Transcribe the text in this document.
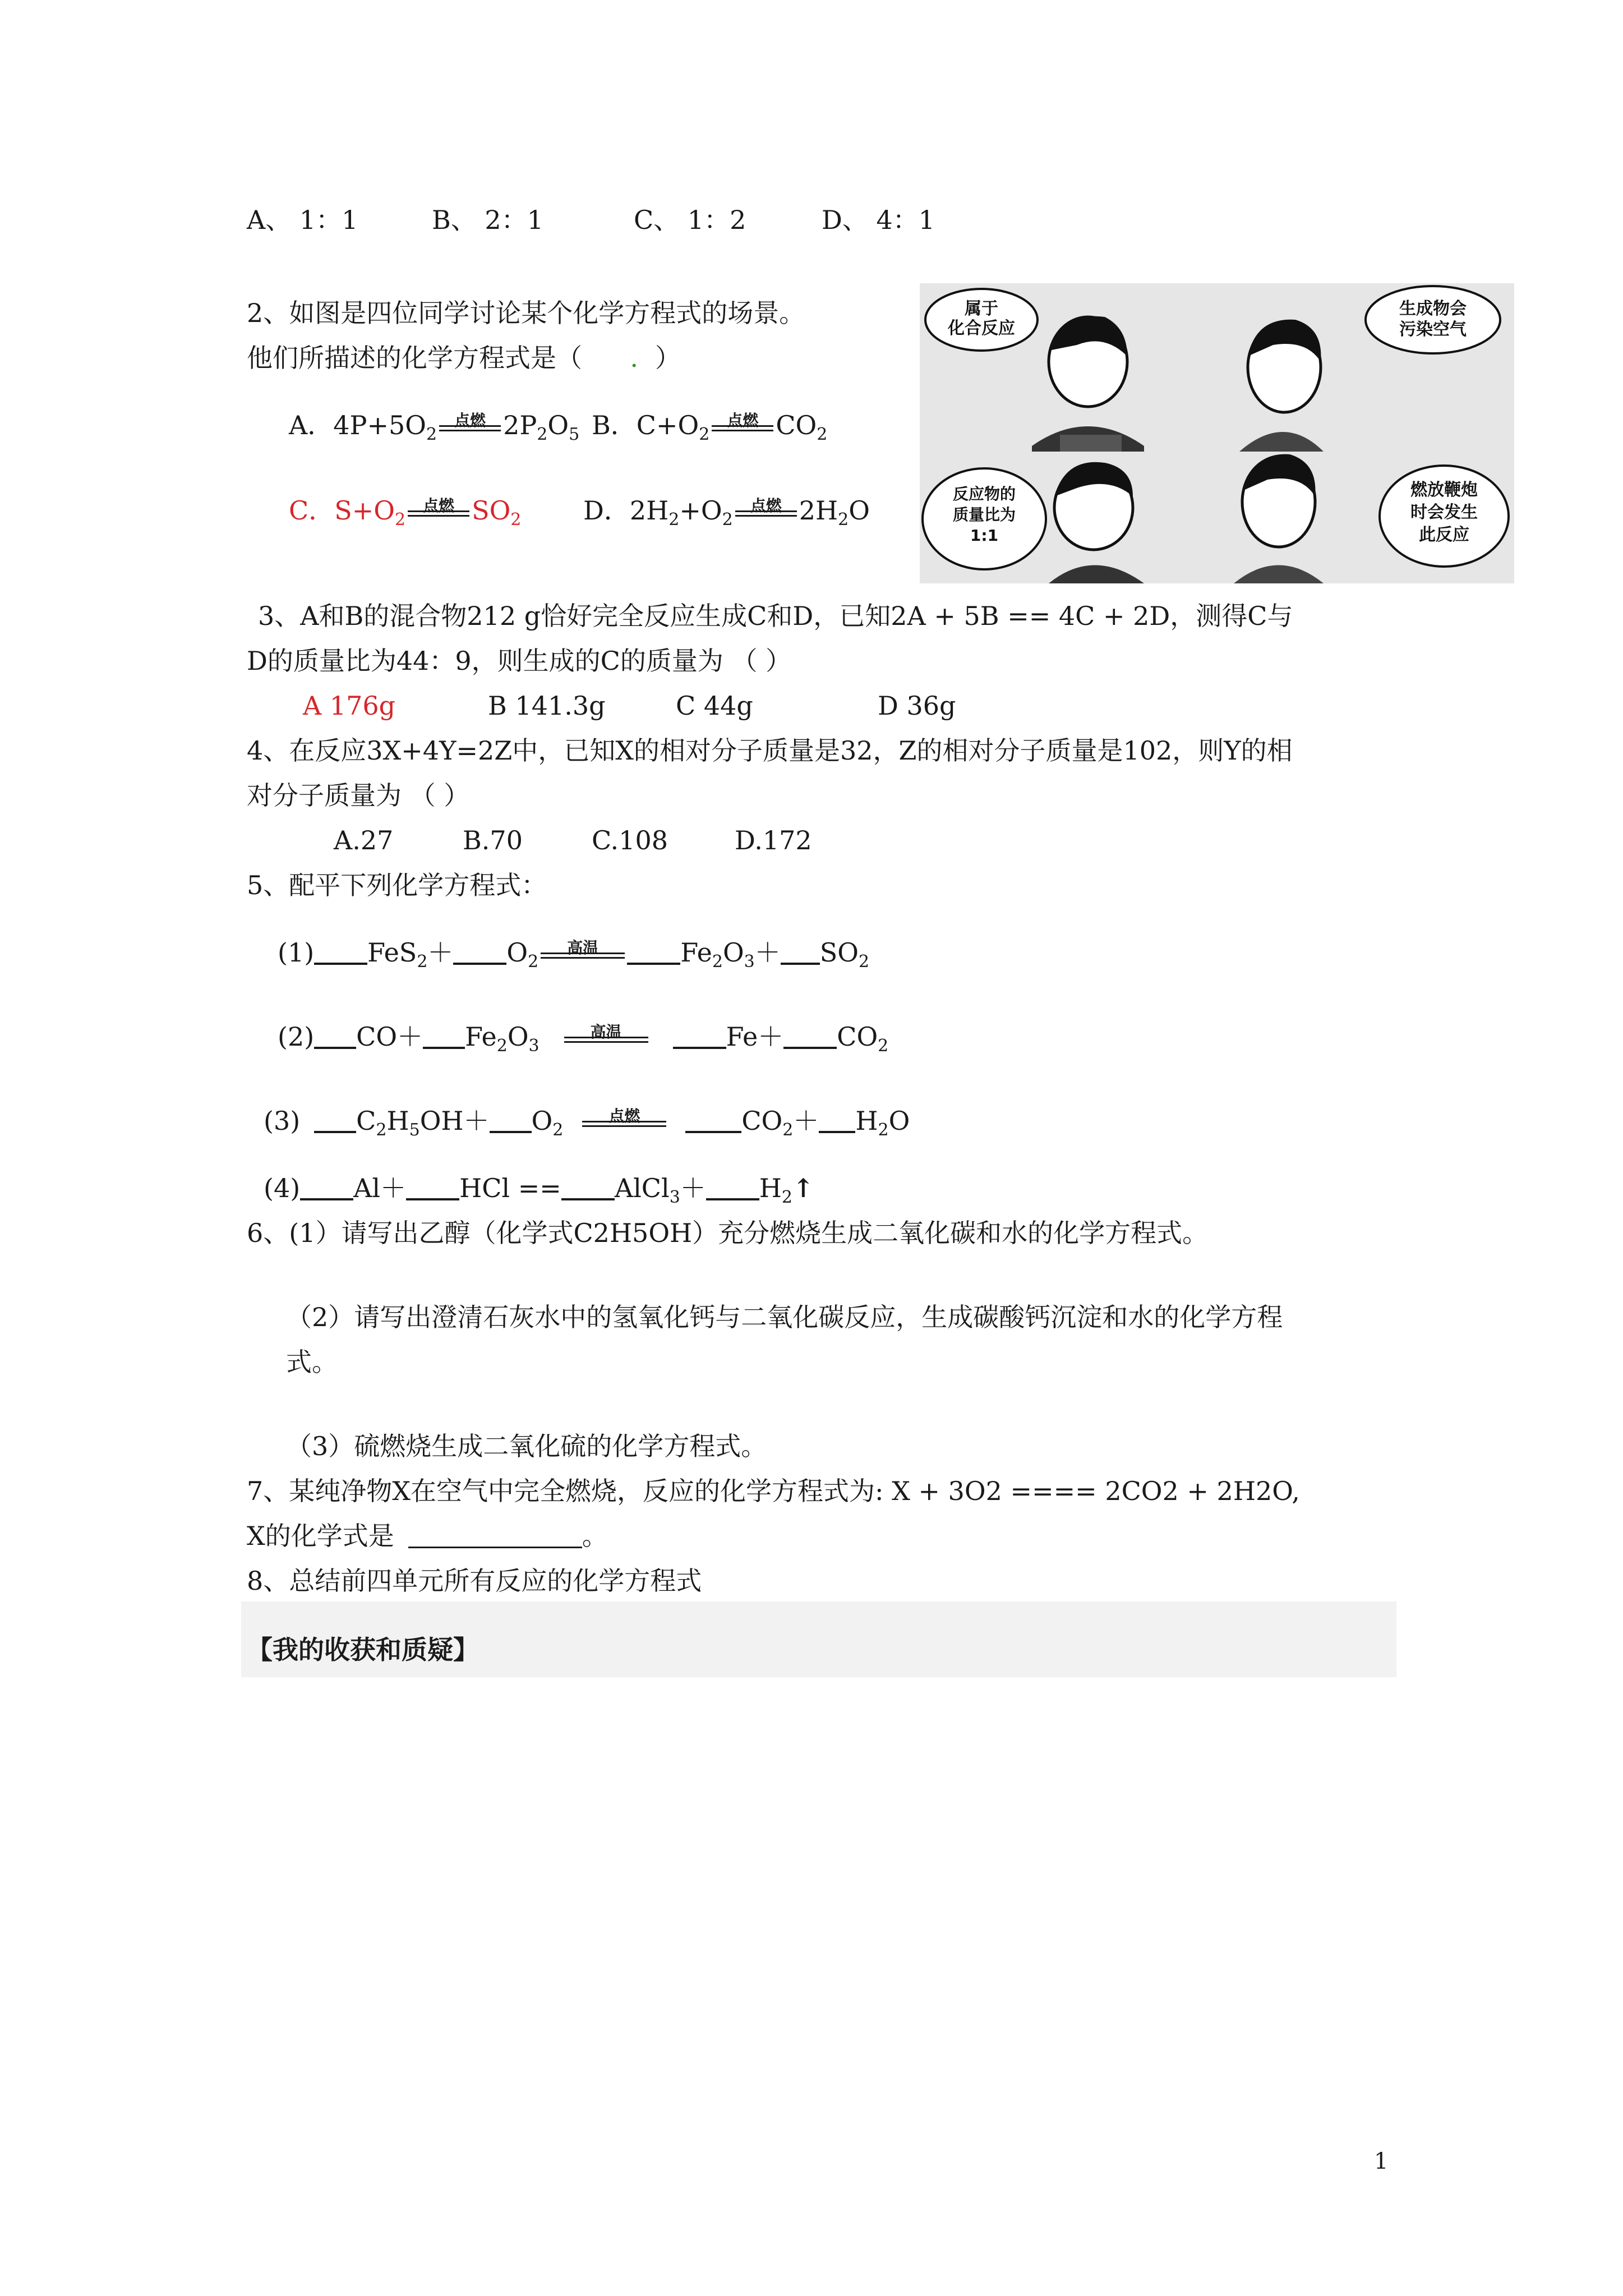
A、 1：1	B、 2：1	C、 1：2	D、 4：1
2、如图是四位同学讨论某个化学方程式的场景。
他们所描述的化学方程式是（ . ）
A．$4P+5O_2$
点燃 $2P_2O_5$ B．$C+O_2$
点燃 $CO_2$
C．$S+O_2$
点燃 $SO_2$ D．$2H_2+O_2$
点燃 $2H_2O$
属于
化合反应
生成物会
污染空气
反应物的
质量比为
1:1
燃放鞭炮
时会发生
此反应
3、A和B的混合物212 g恰好完全反应生成C和D，已知2A + 5B == 4C + 2D，测得C与
D的质量比为44：9，则生成的C的质量为 （ ）
A 176g	B 141.3g	C 44g	D 36g
4、在反应3X+4Y=2Z中，已知X的相对分子质量是32，Z的相对分子质量是102，则Y的相
对分子质量为 （ ）
A.27	B.70	C.108	D.172
5、配平下列化学方程式：
(1) $FeS_2+ O_2$
高温	$Fe_2O_3+ SO_2$
(2) $CO+ Fe_2O_3$
高温	$Fe+ CO_2$
(3) $C_2H_5OH+ O_2$
点燃	$CO_2+ H_2O$
(4) Al＋ HCl == AlCl$_3$＋ $H_2↑$
6、(1）请写出乙醇（化学式C2H5OH）充分燃烧生成二氧化碳和水的化学方程式。
（2）请写出澄清石灰水中的氢氧化钙与二氧化碳反应，生成碳酸钙沉淀和水的化学方程
式。
（3）硫燃烧生成二氧化硫的化学方程式。
7、某纯净物X在空气中完全燃烧，反应的化学方程式为: X + 3O2 ==== 2CO2 + 2H2O,
X的化学式是	。
8、总结前四单元所有反应的化学方程式
【我的收获和质疑】
1
